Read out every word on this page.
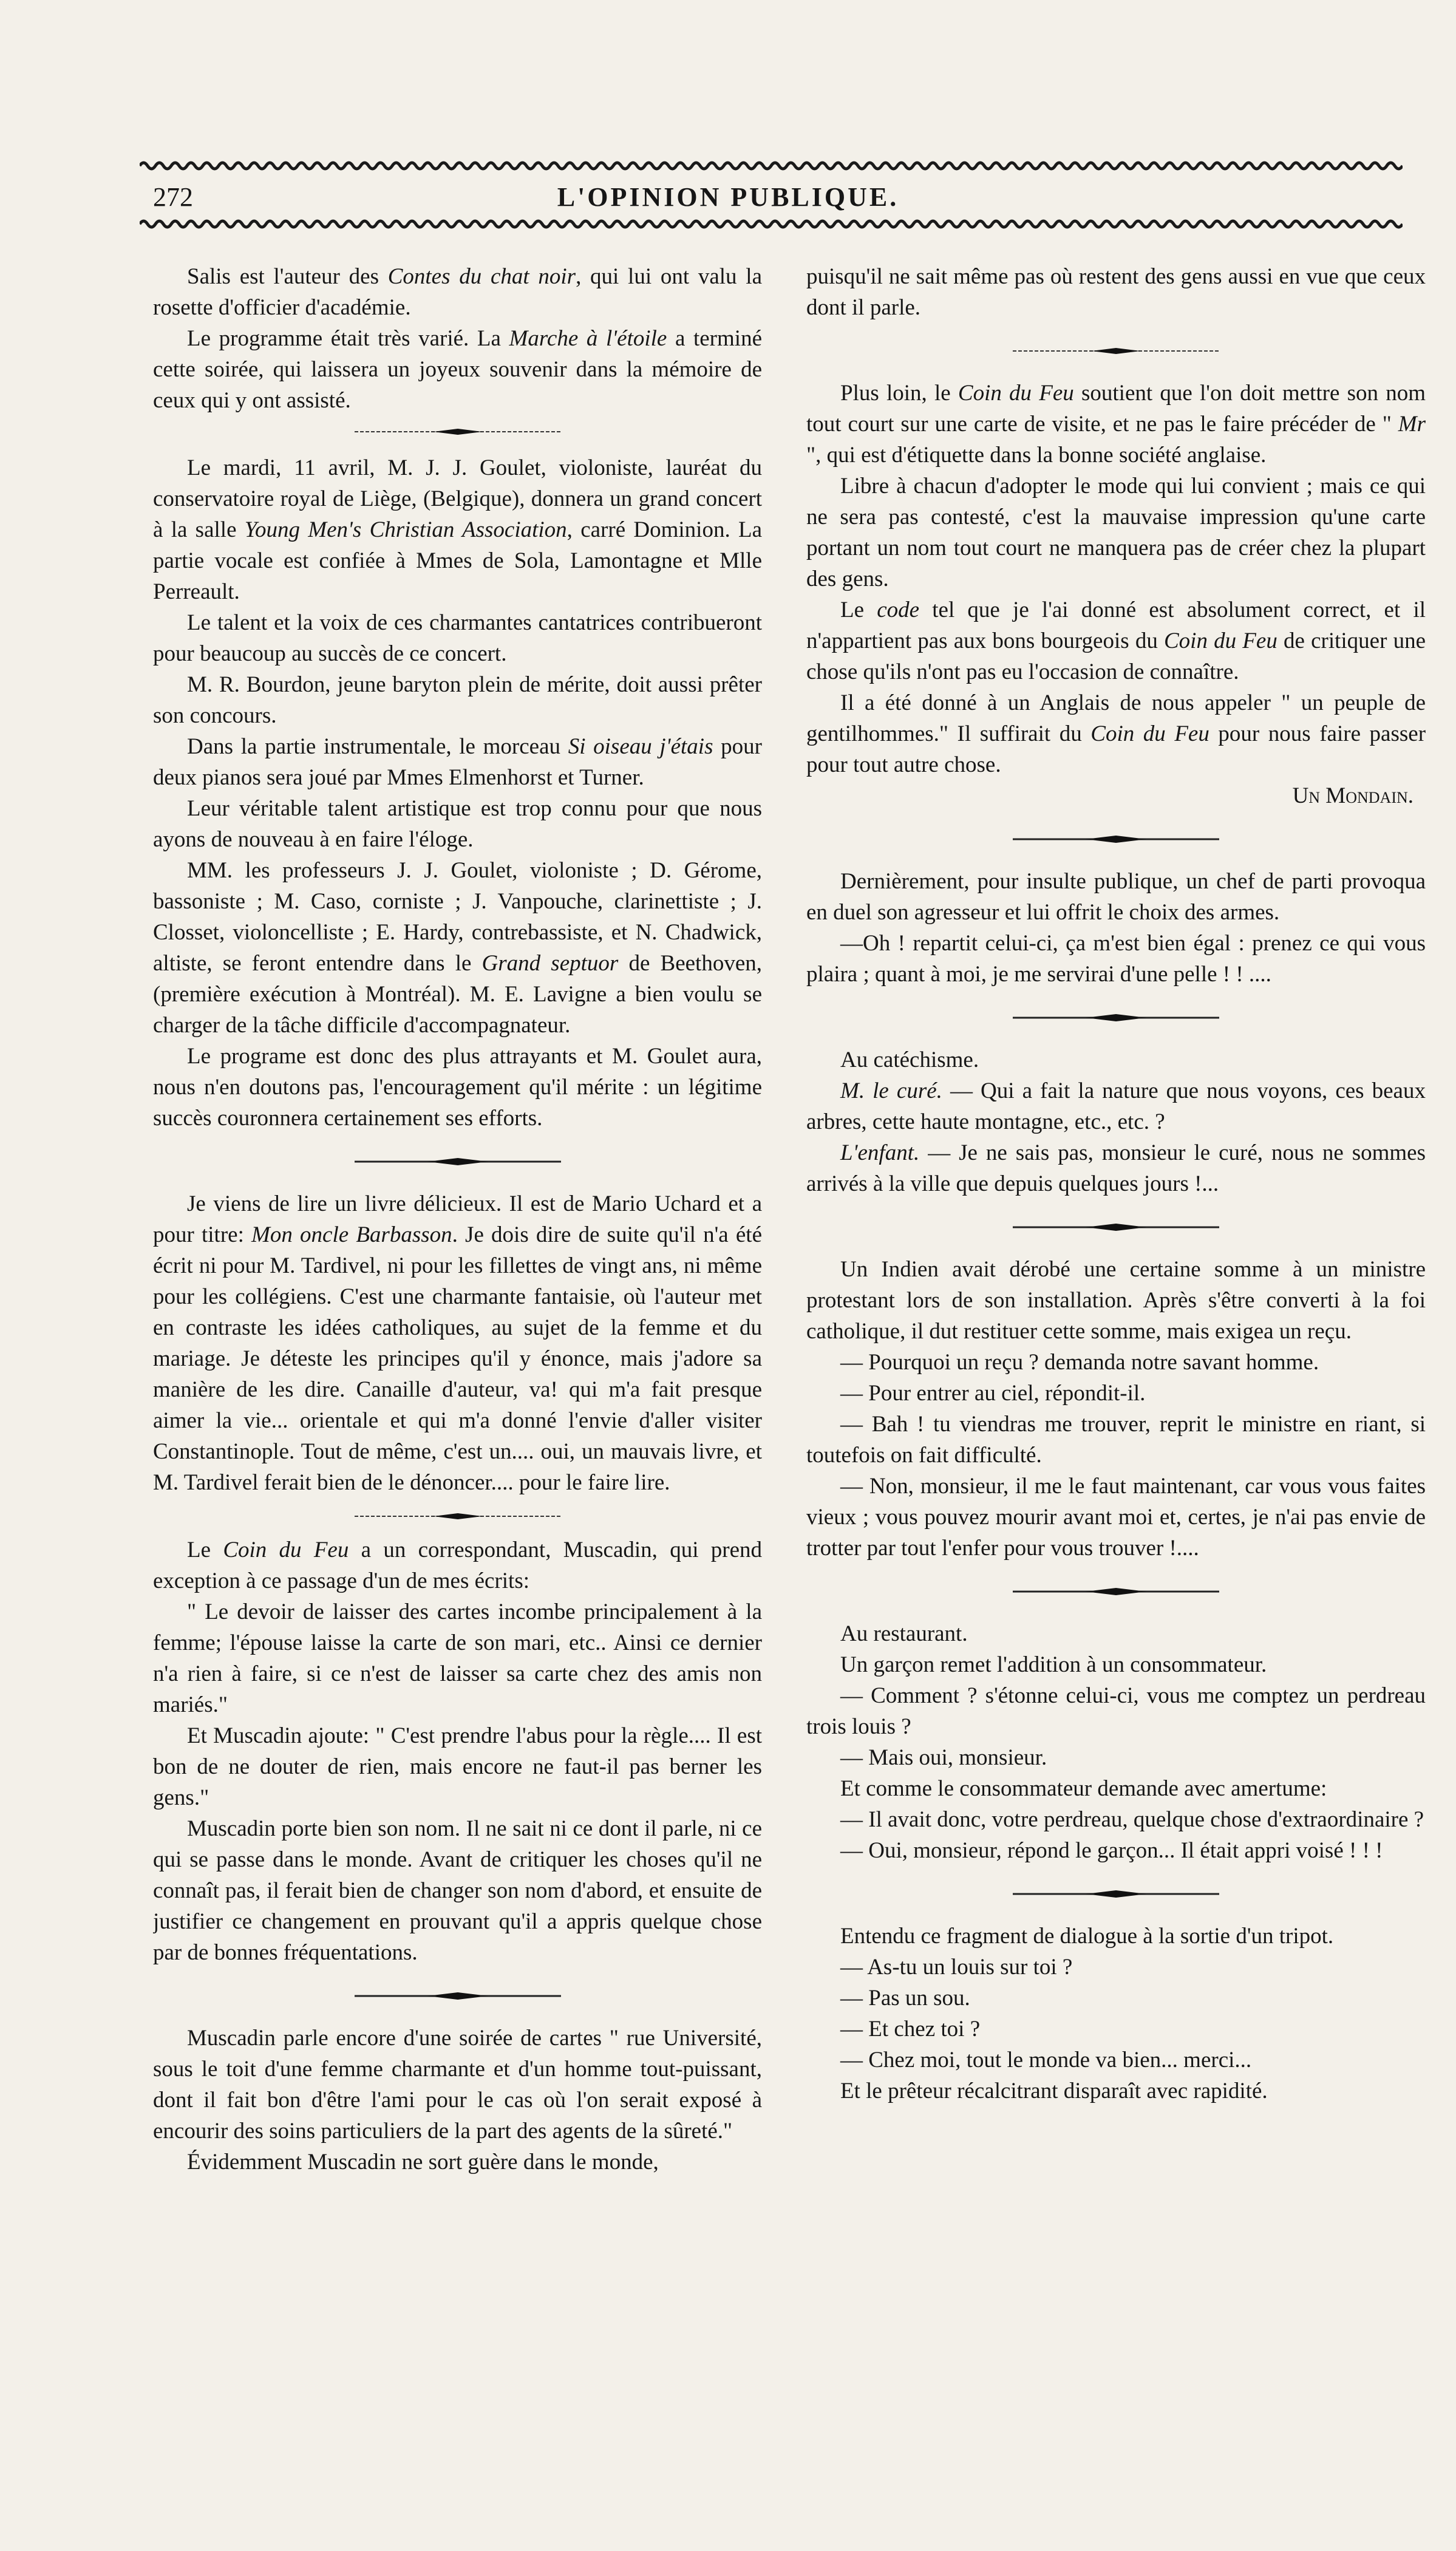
272	L'OPINION PUBLIQUE.

Salis est l'auteur des Contes du chat noir, qui lui ont valu la rosette d'officier d'académie.

Le programme était très varié. La Marche à l'étoile a terminé cette soirée, qui laissera un joyeux souvenir dans la mémoire de ceux qui y ont assisté.

Le mardi, 11 avril, M. J. J. Goulet, violoniste, lauréat du conservatoire royal de Liège, (Belgique), donnera un grand concert à la salle Young Men's Christian Association, carré Dominion. La partie vocale est confiée à Mmes de Sola, Lamontagne et Mlle Perreault.

Le talent et la voix de ces charmantes cantatrices contribueront pour beaucoup au succès de ce concert.

M. R. Bourdon, jeune baryton plein de mérite, doit aussi prêter son concours.

Dans la partie instrumentale, le morceau Si oiseau j'étais pour deux pianos sera joué par Mmes Elmenhorst et Turner.

Leur véritable talent artistique est trop connu pour que nous ayons de nouveau à en faire l'éloge.

MM. les professeurs J. J. Goulet, violoniste ; D. Gérome, bassoniste ; M. Caso, corniste ; J. Vanpouche, clarinettiste ; J. Closset, violoncelliste ; E. Hardy, contrebassiste, et N. Chadwick, altiste, se feront entendre dans le Grand septuor de Beethoven, (première exécution à Montréal). M. E. Lavigne a bien voulu se charger de la tâche difficile d'accompagnateur.

Le programe est donc des plus attrayants et M. Goulet aura, nous n'en doutons pas, l'encouragement qu'il mérite : un légitime succès couronnera certainement ses efforts.

Je viens de lire un livre délicieux. Il est de Mario Uchard et a pour titre: Mon oncle Barbasson. Je dois dire de suite qu'il n'a été écrit ni pour M. Tardivel, ni pour les fillettes de vingt ans, ni même pour les collégiens. C'est une charmante fantaisie, où l'auteur met en contraste les idées catholiques, au sujet de la femme et du mariage. Je déteste les principes qu'il y énonce, mais j'adore sa manière de les dire. Canaille d'auteur, va! qui m'a fait presque aimer la vie... orientale et qui m'a donné l'envie d'aller visiter Constantinople. Tout de même, c'est un.... oui, un mauvais livre, et M. Tardivel ferait bien de le dénoncer.... pour le faire lire.

Le Coin du Feu a un correspondant, Muscadin, qui prend exception à ce passage d'un de mes écrits:

" Le devoir de laisser des cartes incombe principalement à la femme; l'épouse laisse la carte de son mari, etc.. Ainsi ce dernier n'a rien à faire, si ce n'est de laisser sa carte chez des amis non mariés."

Et Muscadin ajoute: " C'est prendre l'abus pour la règle.... Il est bon de ne douter de rien, mais encore ne faut-il pas berner les gens."

Muscadin porte bien son nom. Il ne sait ni ce dont il parle, ni ce qui se passe dans le monde. Avant de critiquer les choses qu'il ne connaît pas, il ferait bien de changer son nom d'abord, et ensuite de justifier ce changement en prouvant qu'il a appris quelque chose par de bonnes fréquentations.

Muscadin parle encore d'une soirée de cartes " rue Université, sous le toit d'une femme charmante et d'un homme tout-puissant, dont il fait bon d'être l'ami pour le cas où l'on serait exposé à encourir des soins particuliers de la part des agents de la sûreté."

Évidemment Muscadin ne sort guère dans le monde,

puisqu'il ne sait même pas où restent des gens aussi en vue que ceux dont il parle.

Plus loin, le Coin du Feu soutient que l'on doit mettre son nom tout court sur une carte de visite, et ne pas le faire précéder de " Mr ", qui est d'étiquette dans la bonne société anglaise.

Libre à chacun d'adopter le mode qui lui convient ; mais ce qui ne sera pas contesté, c'est la mauvaise impression qu'une carte portant un nom tout court ne manquera pas de créer chez la plupart des gens.

Le code tel que je l'ai donné est absolument correct, et il n'appartient pas aux bons bourgeois du Coin du Feu de critiquer une chose qu'ils n'ont pas eu l'occasion de connaître.

Il a été donné à un Anglais de nous appeler " un peuple de gentilhommes." Il suffirait du Coin du Feu pour nous faire passer pour tout autre chose.

Un Mondain.

Dernièrement, pour insulte publique, un chef de parti provoqua en duel son agresseur et lui offrit le choix des armes.

—Oh ! repartit celui-ci, ça m'est bien égal : prenez ce qui vous plaira ; quant à moi, je me servirai d'une pelle ! ! ....

Au catéchisme.

M. le curé. — Qui a fait la nature que nous voyons, ces beaux arbres, cette haute montagne, etc., etc. ?

L'enfant. — Je ne sais pas, monsieur le curé, nous ne sommes arrivés à la ville que depuis quelques jours !...

Un Indien avait dérobé une certaine somme à un ministre protestant lors de son installation. Après s'être converti à la foi catholique, il dut restituer cette somme, mais exigea un reçu.

— Pourquoi un reçu ? demanda notre savant homme.

— Pour entrer au ciel, répondit-il.

— Bah ! tu viendras me trouver, reprit le ministre en riant, si toutefois on fait difficulté.

— Non, monsieur, il me le faut maintenant, car vous vous faites vieux ; vous pouvez mourir avant moi et, certes, je n'ai pas envie de trotter par tout l'enfer pour vous trouver !....

Au restaurant.

Un garçon remet l'addition à un consommateur.

— Comment ? s'étonne celui-ci, vous me comptez un perdreau trois louis ?

— Mais oui, monsieur.

Et comme le consommateur demande avec amertume:

— Il avait donc, votre perdreau, quelque chose d'extraordinaire ?

— Oui, monsieur, répond le garçon... Il était appri voisé ! ! !

Entendu ce fragment de dialogue à la sortie d'un tripot.

— As-tu un louis sur toi ?

— Pas un sou.

— Et chez toi ?

— Chez moi, tout le monde va bien... merci...

Et le prêteur récalcitrant disparaît avec rapidité.
